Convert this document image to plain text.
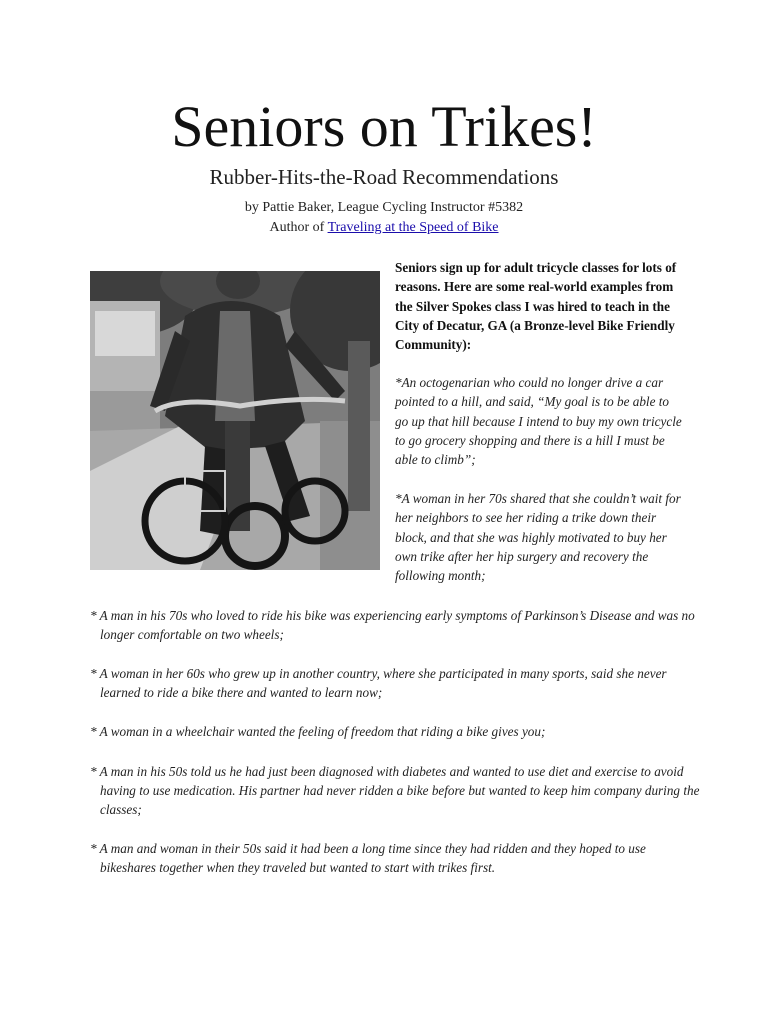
Seniors on Trikes!
Rubber-Hits-the-Road Recommendations
by Pattie Baker, League Cycling Instructor #5382
Author of Traveling at the Speed of Bike
Seniors sign up for adult tricycle classes for lots of reasons. Here are some real-world examples from the Silver Spokes class I was hired to teach in the City of Decatur, GA (a Bronze-level Bike Friendly Community):
*An octogenarian who could no longer drive a car pointed to a hill, and said, “My goal is to be able to go up that hill because I intend to buy my own tricycle to go grocery shopping and there is a hill I must be able to climb”;
*A woman in her 70s shared that she couldn’t wait for her neighbors to see her riding a trike down their block, and that she was highly motivated to buy her own trike after her hip surgery and recovery the following month;
* A man in his 70s who loved to ride his bike was experiencing early symptoms of Parkinson’s Disease and was no longer comfortable on two wheels;
* A woman in her 60s who grew up in another country, where she participated in many sports, said she never learned to ride a bike there and wanted to learn now;
* A woman in a wheelchair wanted the feeling of freedom that riding a bike gives you;
* A man in his 50s told us he had just been diagnosed with diabetes and wanted to use diet and exercise to avoid having to use medication. His partner had never ridden a bike before but wanted to keep him company during the classes;
* A man and woman in their 50s said it had been a long time since they had ridden and they hoped to use bikeshares together when they traveled but wanted to start with trikes first.
